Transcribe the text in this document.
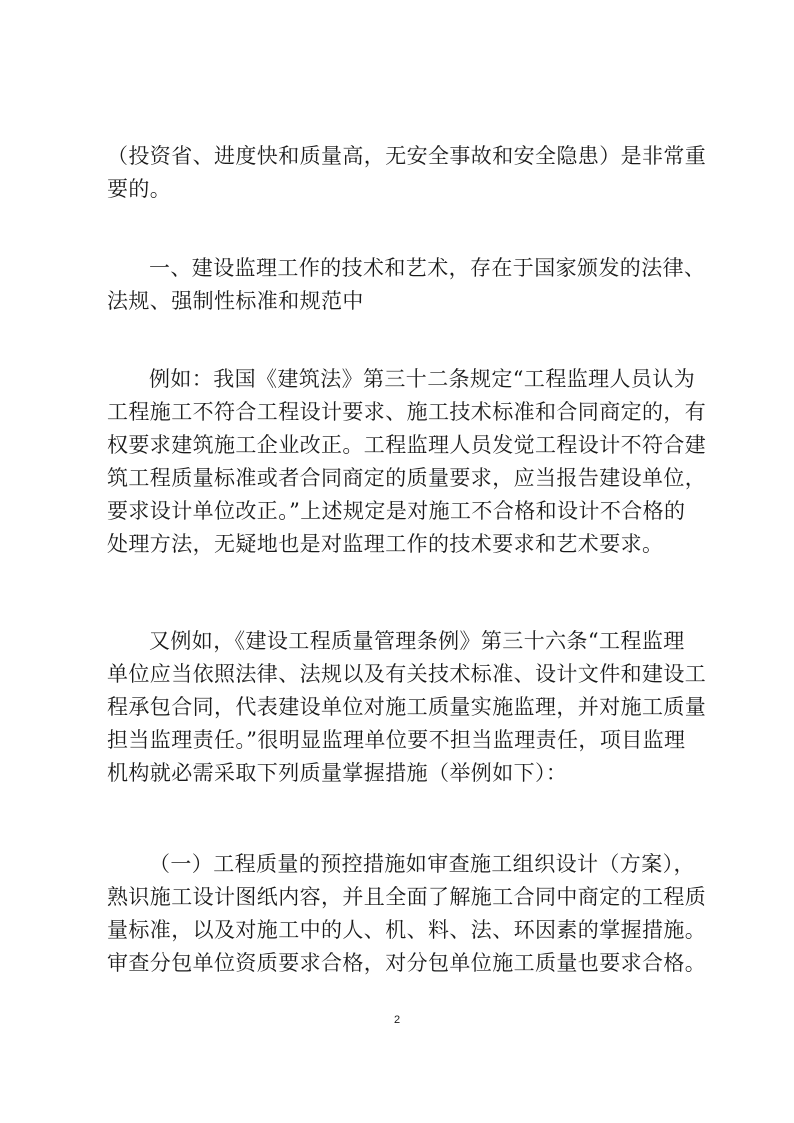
（投资省、进度快和质量高，无安全事故和安全隐患）是非常重
要的。
一、建设监理工作的技术和艺术，存在于国家颁发的法律、
法规、强制性标准和规范中
例如：我国《建筑法》第三十二条规定“工程监理人员认为
工程施工不符合工程设计要求、施工技术标准和合同商定的，有
权要求建筑施工企业改正。工程监理人员发觉工程设计不符合建
筑工程质量标准或者合同商定的质量要求，应当报告建设单位，
要求设计单位改正。”上述规定是对施工不合格和设计不合格的
处理方法，无疑地也是对监理工作的技术要求和艺术要求。
又例如，《建设工程质量管理条例》第三十六条“工程监理
单位应当依照法律、法规以及有关技术标准、设计文件和建设工
程承包合同，代表建设单位对施工质量实施监理，并对施工质量
担当监理责任。”很明显监理单位要不担当监理责任，项目监理
机构就必需采取下列质量掌握措施（举例如下）：
（一）工程质量的预控措施如审查施工组织设计（方案），
熟识施工设计图纸内容，并且全面了解施工合同中商定的工程质
量标准，以及对施工中的人、机、料、法、环因素的掌握措施。
审查分包单位资质要求合格，对分包单位施工质量也要求合格。
2
